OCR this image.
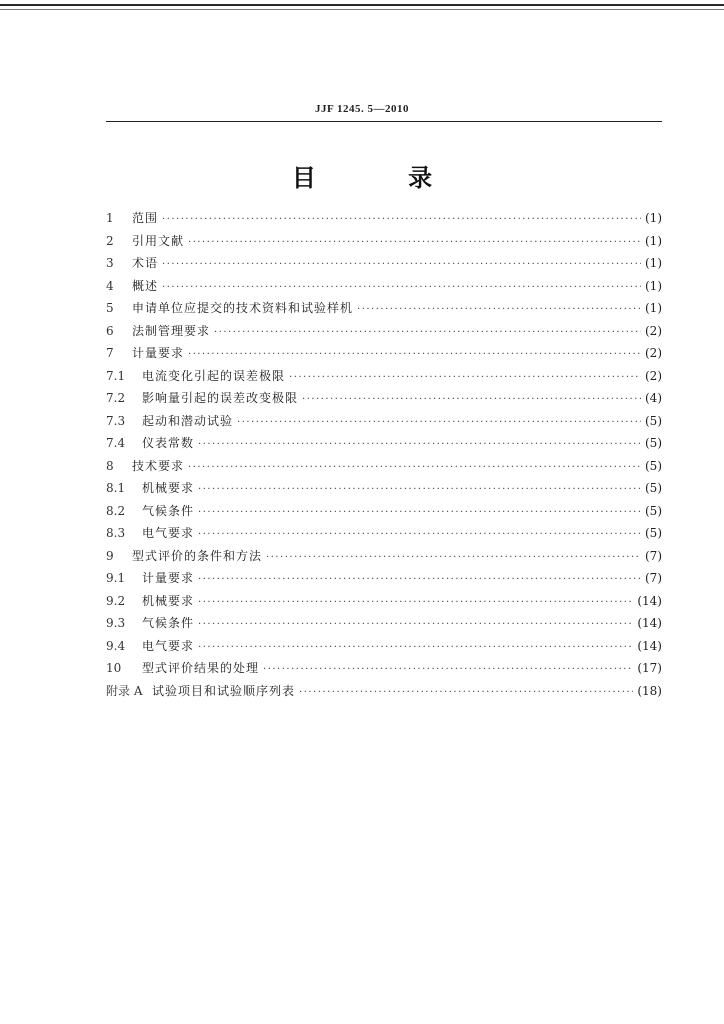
JJF 1245. 5—2010
目 录
1	范围 ·····	(1)
2	引用文献 ·····	(1)
3	术语 ·····	(1)
4	概述 ·····	(1)
5	申请单位应提交的技术资料和试验样机 ·····	(1)
6	法制管理要求 ·····	(2)
7	计量要求 ·····	(2)
7.1	电流变化引起的误差极限 ·····	(2)
7.2	影响量引起的误差改变极限 ·····	(4)
7.3	起动和潜动试验 ·····	(5)
7.4	仪表常数 ·····	(5)
8	技术要求 ·····	(5)
8.1	机械要求 ·····	(5)
8.2	气候条件 ·····	(5)
8.3	电气要求 ·····	(5)
9	型式评价的条件和方法 ·····	(7)
9.1	计量要求 ·····	(7)
9.2	机械要求 ·····	(14)
9.3	气候条件 ·····	(14)
9.4	电气要求 ·····	(14)
10	型式评价结果的处理 ·····	(17)
附录 A 试验项目和试验顺序列表 ·····	(18)
